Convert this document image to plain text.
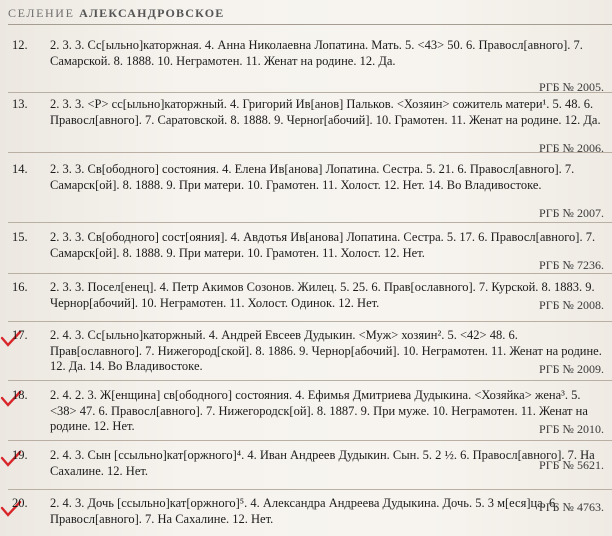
СЕЛЕНИЕ АЛЕКСАНДРОВСКОЕ
12. 2. 3. 3. Сс[ыльно]каторжная. 4. Анна Николаевна Лопатина. Мать. 5. <43> 50. 6. Правосл[авного]. 7. Самарской. 8. 1888. 10. Неграмотен. 11. Женат на родине. 12. Да.
РГБ № 2005.
13. 2. 3. 3. <Р> сс[ыльно]каторжный. 4. Григорий Ив[анов] Пальков. <Хозяин> сожитель матери¹. 5. 48. 6. Правосл[авного]. 7. Саратовской. 8. 1888. 9. Черноr[абочий]. 10. Грамотен. 11. Женат на родине. 12. Да.
РГБ № 2006.
14. 2. 3. 3. Св[ободного] состояния. 4. Елена Ив[анова] Лопатина. Сестра. 5. 21. 6. Правосл[авного]. 7. Самарск[ой]. 8. 1888. 9. При матери. 10. Грамотен. 11. Холост. 12. Нет. 14. Во Владивостоке.
РГБ № 2007.
15. 2. 3. 3. Св[ободного] сост[ояния]. 4. Авдотья Ив[анова] Лопатина. Сестра. 5. 17. 6. Правосл[авного]. 7. Самарск[ой]. 8. 1888. 9. При матери. 10. Грамотен. 11. Холост. 12. Нет.
РГБ № 7236.
16. 2. 3. 3. Посел[енец]. 4. Петр Акимов Созонов. Жилец. 5. 25. 6. Прав[ославного]. 7. Курской. 8. 1883. 9. Чернор[абочий]. 10. Неграмотен. 11. Холост. Одинок. 12. Нет.	РГБ № 2008.
17. 2. 4. 3. Сс[ыльно]каторжный. 4. Андрей Евсеев Дудыкин. <Муж> хозяин². 5. <42> 48. 6. Прав[ославного]. 7. Нижегород[ской]. 8. 1886. 9. Чернор[абочий]. 10. Неграмотен. 11. Женат на родине. 12. Да. 14. Во Владивостоке.	РГБ № 2009.
18. 2. 4. 2. 3. Ж[енщина] св[ободного] состояния. 4. Ефимья Дмитриева Дудыкина. <Хозяйка> жена³. 5. <38> 47. 6. Правосл[авного]. 7. Нижегородск[ой]. 8. 1887. 9. При муже. 10. Неграмотен. 11. Женат на родине. 12. Нет.	РГБ № 2010.
19. 2. 4. 3. Сын [ссыльно]кат[оржного]⁴. 4. Иван Андреев Дудыкин. Сын. 5. 2 ½. 6. Правосл[авного]. 7. На Сахалине. 12. Нет.	РГБ № 5621.
20. 2. 4. 3. Дочь [ссыльно]кат[оржного]⁵. 4. Александра Андреева Дудыкина. Дочь. 5. 3 м[еся]ца. 6. Правосл[авного]. 7. На Сахалине. 12. Нет.
РГБ № 4763.
